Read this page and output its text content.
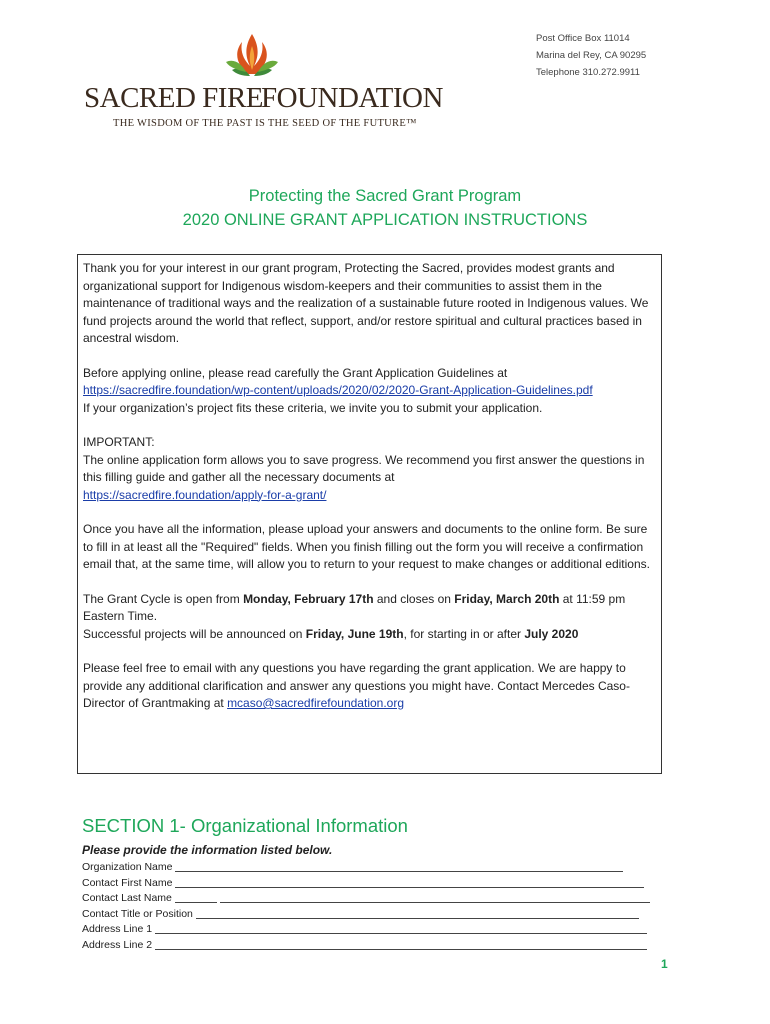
SACRED FIRE
FOUNDATION
THE WISDOM OF THE PAST IS THE SEED OF THE FUTURE™
Post Office Box 11014
Marina del Rey, CA 90295
Telephone 310.272.9911
Protecting the Sacred Grant Program
2020 ONLINE GRANT APPLICATION INSTRUCTIONS

Thank you for your interest in our grant program, Protecting the Sacred, provides modest grants and organizational support for Indigenous wisdom-keepers and their communities to assist them in the maintenance of traditional ways and the realization of a sustainable future rooted in Indigenous values. We fund projects around the world that reflect, support, and/or restore spiritual and cultural practices based in ancestral wisdom.

Before applying online, please read carefully the Grant Application Guidelines at
https://sacredfire.foundation/wp-content/uploads/2020/02/2020-Grant-Application-Guidelines.pdf
If your organization’s project fits these criteria, we invite you to submit your application.

IMPORTANT:
The online application form allows you to save progress. We recommend you first answer the questions in this filling guide and gather all the necessary documents at
https://sacredfire.foundation/apply-for-a-grant/

Once you have all the information, please upload your answers and documents to the online form. Be sure to fill in at least all the "Required" fields. When you finish filling out the form you will receive a confirmation email that, at the same time, will allow you to return to your request to make changes or additional editions.

The Grant Cycle is open from Monday, February 17th and closes on Friday, March 20th at 11:59 pm Eastern Time.
Successful projects will be announced on Friday, June 19th, for starting in or after July 2020

Please feel free to email with any questions you have regarding the grant application. We are happy to provide any additional clarification and answer any questions you might have. Contact Mercedes Caso-Director of Grantmaking at mcaso@sacredfirefoundation.org

SECTION 1- Organizational Information
Please provide the information listed below.
Organization Name
Contact First Name
Contact Last Name
Contact Title or Position
Address Line 1
Address Line 2
1
